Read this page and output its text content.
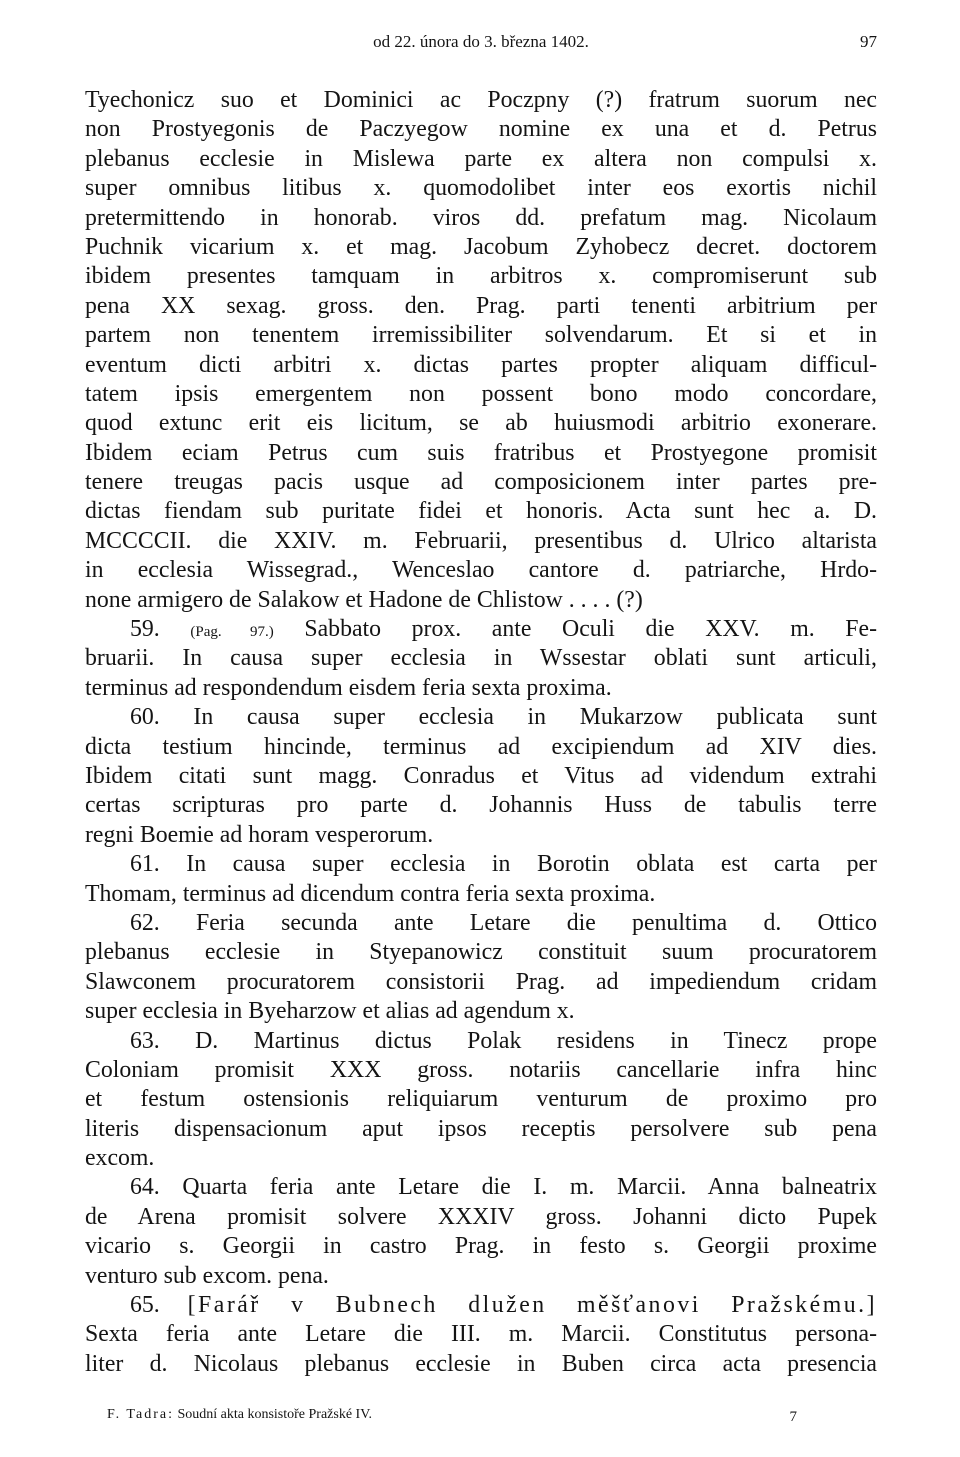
od 22. února do 3. března 1402.	97
Tyechonicz suo et Dominici ac Poczpny (?) fratrum suorum nec
non Prostyegonis de Paczyegow nomine ex una et d. Petrus
plebanus ecclesie in Mislewa parte ex altera non compulsi x.
super omnibus litibus x. quomodolibet inter eos exortis nichil
pretermittendo in honorab. viros dd. prefatum mag. Nicolaum
Puchnik vicarium x. et mag. Jacobum Zyhobecz decret. doctorem
ibidem presentes tamquam in arbitros x. compromiserunt sub
pena XX sexag. gross. den. Prag. parti tenenti arbitrium per
partem non tenentem irremissibiliter solvendarum. Et si et in
eventum dicti arbitri x. dictas partes propter aliquam difficul-
tatem ipsis emergentem non possent bono modo concordare,
quod extunc erit eis licitum, se ab huiusmodi arbitrio exonerare.
Ibidem eciam Petrus cum suis fratribus et Prostyegone promisit
tenere treugas pacis usque ad composicionem inter partes pre-
dictas fiendam sub puritate fidei et honoris. Acta sunt hec a. D.
MCCCCII. die XXIV. m. Februarii, presentibus d. Ulrico altarista
in ecclesia Wissegrad., Wenceslao cantore d. patriarche, Hrdo-
none armigero de Salakow et Hadone de Chlistow . . . . (?)
59. (Pag. 97.) Sabbato prox. ante Oculi die XXV. m. Fe-
bruarii. In causa super ecclesia in Wssestar oblati sunt articuli,
terminus ad respondendum eisdem feria sexta proxima.
60. In causa super ecclesia in Mukarzow publicata sunt
dicta testium hincinde, terminus ad excipiendum ad XIV dies.
Ibidem citati sunt magg. Conradus et Vitus ad videndum extrahi
certas scripturas pro parte d. Johannis Huss de tabulis terre
regni Boemie ad horam vesperorum.
61. In causa super ecclesia in Borotin oblata est carta per
Thomam, terminus ad dicendum contra feria sexta proxima.
62. Feria secunda ante Letare die penultima d. Ottico
plebanus ecclesie in Styepanowicz constituit suum procuratorem
Slawconem procuratorem consistorii Prag. ad impediendum cridam
super ecclesia in Byeharzow et alias ad agendum x.
63. D. Martinus dictus Polak residens in Tinecz prope
Coloniam promisit XXX gross. notariis cancellarie infra hinc
et festum ostensionis reliquiarum venturum de proximo pro
literis dispensacionum aput ipsos receptis persolvere sub pena
excom.
64. Quarta feria ante Letare die I. m. Marcii. Anna balneatrix
de Arena promisit solvere XXXIV gross. Johanni dicto Pupek
vicario s. Georgii in castro Prag. in festo s. Georgii proxime
venturo sub excom. pena.
65. [Farář v Bubnech dlužen měšťanovi Pražskému.]
Sexta feria ante Letare die III. m. Marcii. Constitutus persona-
liter d. Nicolaus plebanus ecclesie in Buben circa acta presencia
F. Tadra: Soudní akta konsistoře Pražské IV.	7
